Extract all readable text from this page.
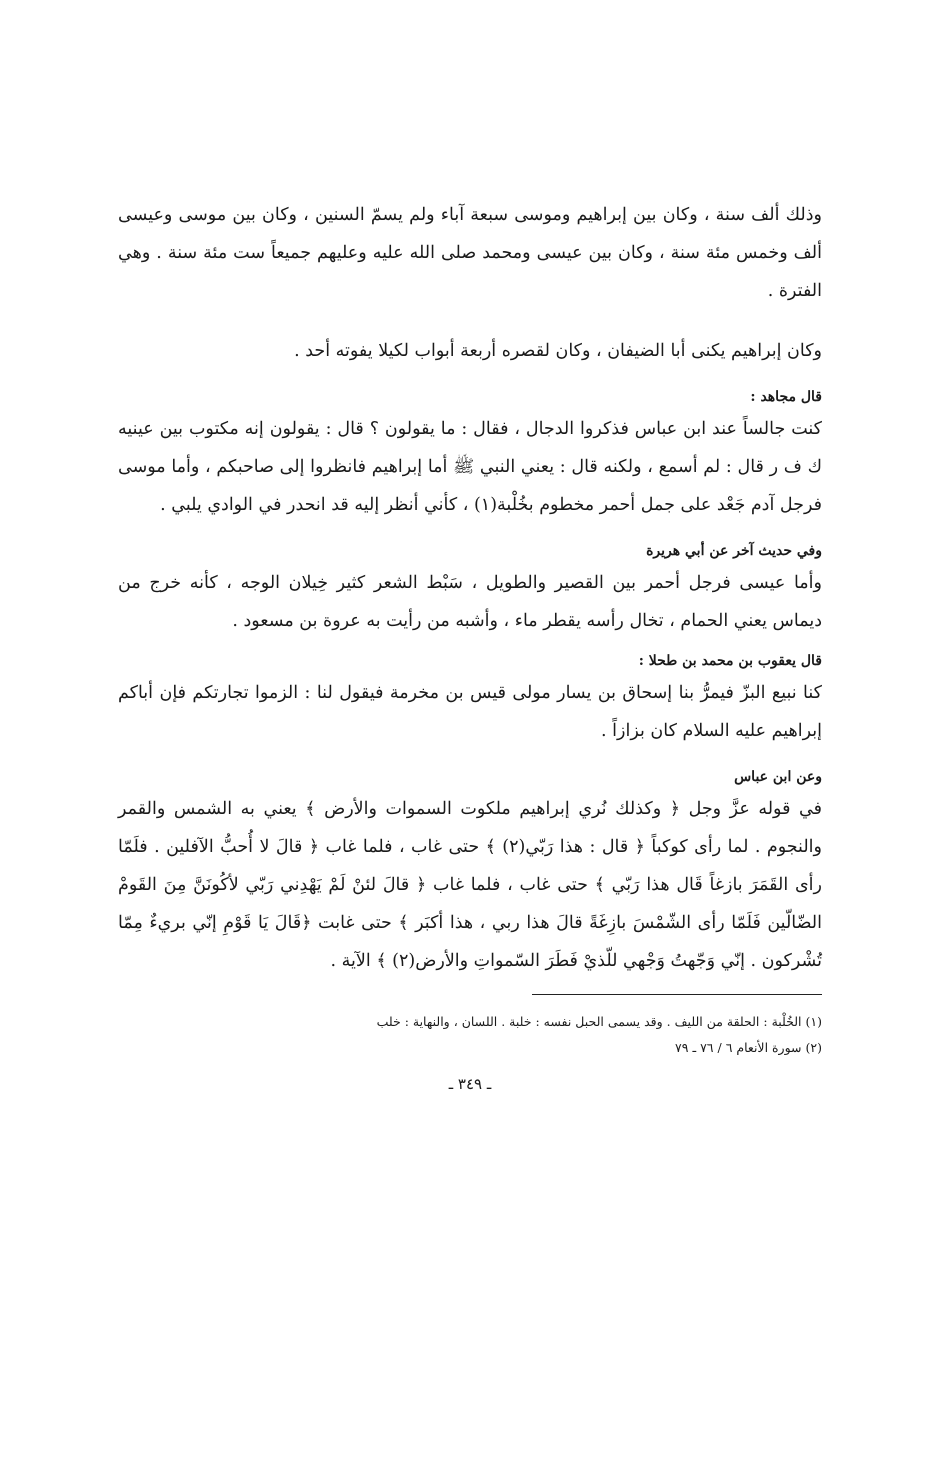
وذلك ألف سنة ، وكان بين إبراهيم وموسى سبعة آباء ولم يسمّ السنين ، وكان بين موسى وعيسى ألف وخمس مئة سنة ، وكان بين عيسى ومحمد صلى الله عليه وعليهم جميعاً ست مئة سنة . وهي الفترة .

وكان إبراهيم يكنى أبا الضيفان ، وكان لقصره أربعة أبواب لكيلا يفوته أحد .

قال مجاهد :

كنت جالساً عند ابن عباس فذكروا الدجال ، فقال : ما يقولون ؟ قال : يقولون إنه مكتوب بين عينيه ك ف ر قال : لم أسمع ، ولكنه قال : يعني النبي ﷺ أما إبراهيم فانظروا إلى صاحبكم ، وأما موسى فرجل آدم جَعْد على جمل أحمر مخطوم بخُلْبة(١) ، كأني أنظر إليه قد انحدر في الوادي يلبي .

وفي حديث آخر عن أبي هريرة

وأما عيسى فرجل أحمر بين القصير والطويل ، سَبْط الشعر كثير خِيلان الوجه ، كأنه خرج من ديماس يعني الحمام ، تخال رأسه يقطر ماء ، وأشبه من رأيت به عروة بن مسعود .

قال يعقوب بن محمد بن طحلا :

كنا نبيع البزّ فيمرُّ بنا إسحاق بن يسار مولى قيس بن مخرمة فيقول لنا : الزموا تجارتكم فإن أباكم إبراهيم عليه السلام كان بزازاً .

وعن ابن عباس

في قوله عزَّ وجل ﴿ وكذلك نُري إبراهيم ملكوت السموات والأرض ﴾ يعني به الشمس والقمر والنجوم . لما رأى كوكباً ﴿ قال : هذا رَبّي(٢) ﴾ حتى غاب ، فلما غاب ﴿ قالَ لا أُحبُّ الآفلين . فلَمّا رأى القَمَرَ بازغاً قَال هذا رَبّي ﴾ حتى غاب ، فلما غاب ﴿ قالَ لئنْ لَمْ يَهْدِني رَبّي لأكُونَنَّ مِنَ القَومْ الضّالّين فَلَمّا رأى الشّمْسَ بازِغَةً قالَ هذا ربي ، هذا أكبَر ﴾ حتى غابت ﴿قَالَ يَا قَوْمِ إنّي بريءٌ مِمّا تُشْركون . إنّي وَجّهتُ وَجْهي للّذيْ فَطَرَ السّمواتِ والأرض(٢) ﴾ الآية .

(١) الخُلْبة : الحلقة من الليف . وقد يسمى الحبل نفسه : خلبة . اللسان ، والنهاية : خلب

(٢) سورة الأنعام ٦ / ٧٦ ـ ٧٩

ـ ٣٤٩ ـ
